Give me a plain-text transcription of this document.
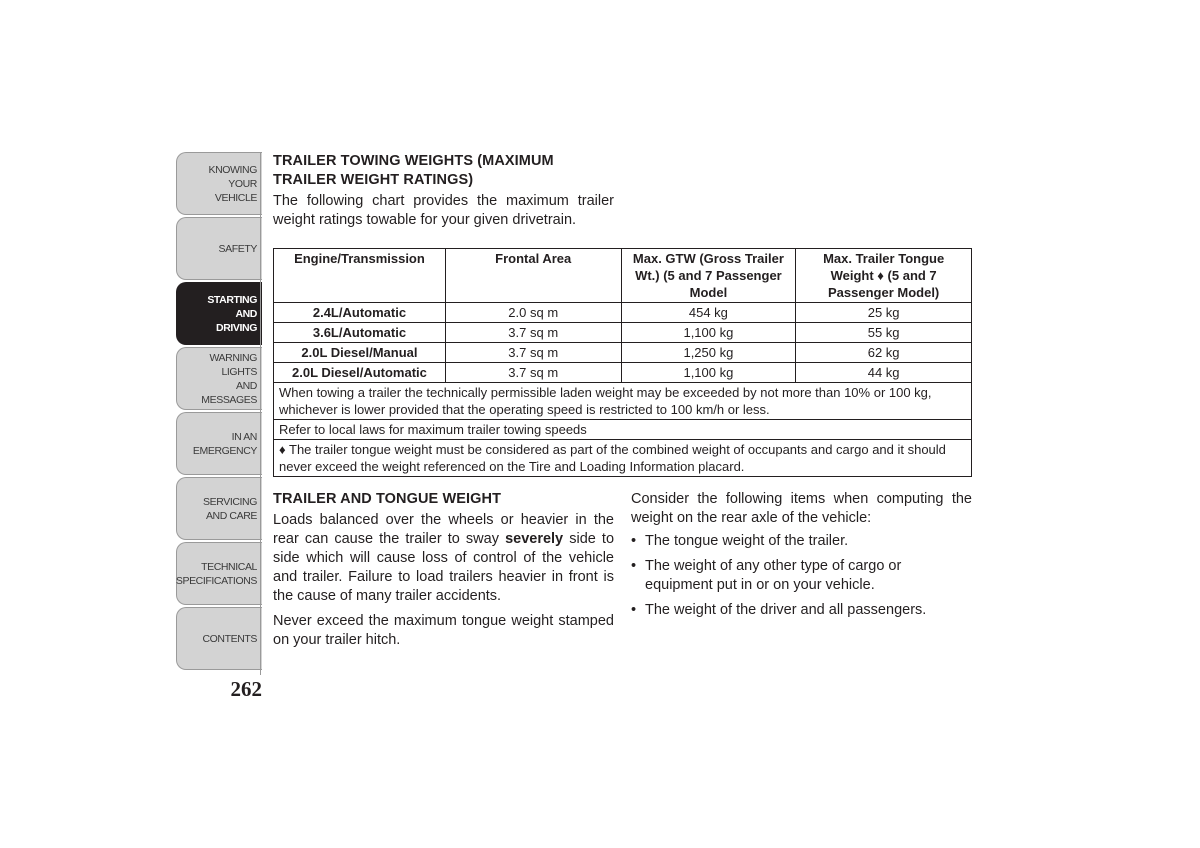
KNOWING
YOUR
VEHICLE
SAFETY
STARTING
AND
DRIVING
WARNING
LIGHTS
AND
MESSAGES
IN AN
EMERGENCY
SERVICING
AND CARE
TECHNICAL
SPECIFICATIONS
CONTENTS
262
TRAILER TOWING WEIGHTS (MAXIMUM TRAILER WEIGHT RATINGS)

The following chart provides the maximum trailer weight ratings towable for your given drivetrain.

Engine/Transmission	Frontal Area	Max. GTW (Gross Trailer Wt.) (5 and 7 Passenger Model	Max. Trailer Tongue Weight ♦ (5 and 7 Passenger Model)
2.4L/Automatic	2.0 sq m	454 kg	25 kg
3.6L/Automatic	3.7 sq m	1,100 kg	55 kg
2.0L Diesel/Manual	3.7 sq m	1,250 kg	62 kg
2.0L Diesel/Automatic	3.7 sq m	1,100 kg	44 kg
When towing a trailer the technically permissible laden weight may be exceeded by not more than 10% or 100 kg, whichever is lower provided that the operating speed is restricted to 100 km/h or less.			
Refer to local laws for maximum trailer towing speeds			
♦ The trailer tongue weight must be considered as part of the combined weight of occupants and cargo and it should never exceed the weight referenced on the Tire and Loading Information placard.			
TRAILER AND TONGUE WEIGHT

Loads balanced over the wheels or heavier in the rear can cause the trailer to sway severely side to side which will cause loss of control of the vehicle and trailer. Failure to load trailers heavier in front is the cause of many trailer accidents.

Never exceed the maximum tongue weight stamped on your trailer hitch.

Consider the following items when computing the weight on the rear axle of the vehicle:

• The tongue weight of the trailer.
• The weight of any other type of cargo or equipment put in or on your vehicle.
• The weight of the driver and all passengers.
